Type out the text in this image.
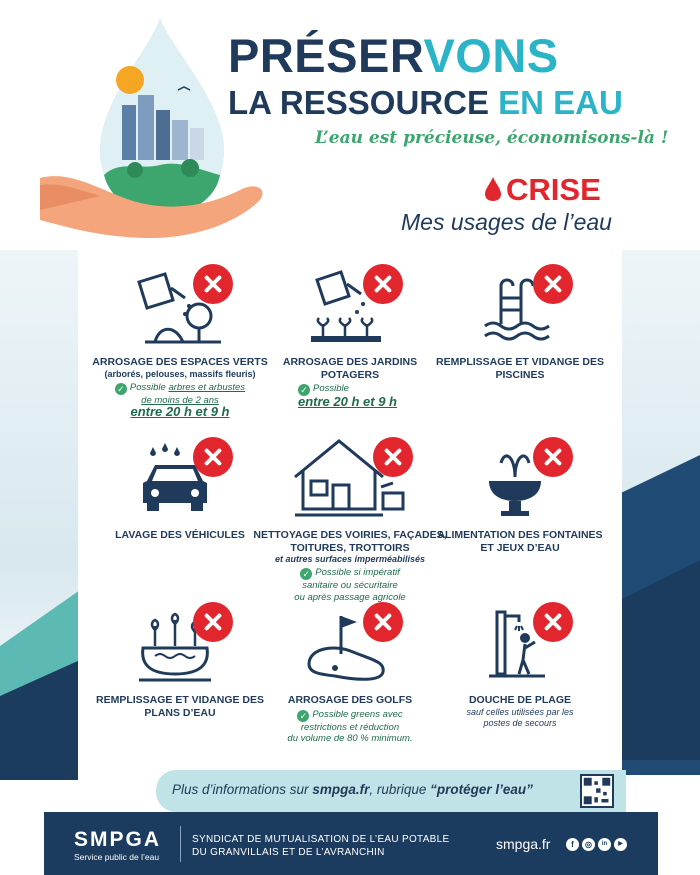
PRÉSERVONS
LA RESSOURCE EN EAU
L’eau est précieuse, économisons-là !
CRISE
Mes usages de l’eau
ARROSAGE DES ESPACES VERTS
(arborés, pelouses, massifs fleuris)
✓ Possible arbres et arbustes
de moins de 2 ans
entre 20 h et 9 h
ARROSAGE DES JARDINS POTAGERS
✓ Possible
entre 20 h et 9 h
REMPLISSAGE ET VIDANGE DES PISCINES
LAVAGE DES VÉHICULES NETTOYAGE DES VOIRIES, FAÇADES, TOITURES, TROTTOIRS
et autres surfaces imperméabilisés
✓ Possible si impératif
sanitaire ou sécuritaire
ou après passage agricole
ALIMENTATION DES FONTAINES ET JEUX D’EAU
REMPLISSAGE ET VIDANGE DES PLANS D’EAU
ARROSAGE DES GOLFS
✓ Possible greens avec
restrictions et réduction
du volume de 80 % minimum.
DOUCHE DE PLAGE
sauf celles utilisées par les
postes de secours
Plus d’informations sur smpga.fr, rubrique “protéger l’eau”
SMPGA
Service public de l’eau
SYNDICAT DE MUTUALISATION DE L’EAU POTABLE
DU GRANVILLAIS ET DE L’AVRANCHIN
smpga.fr	f	◎	in	▶
